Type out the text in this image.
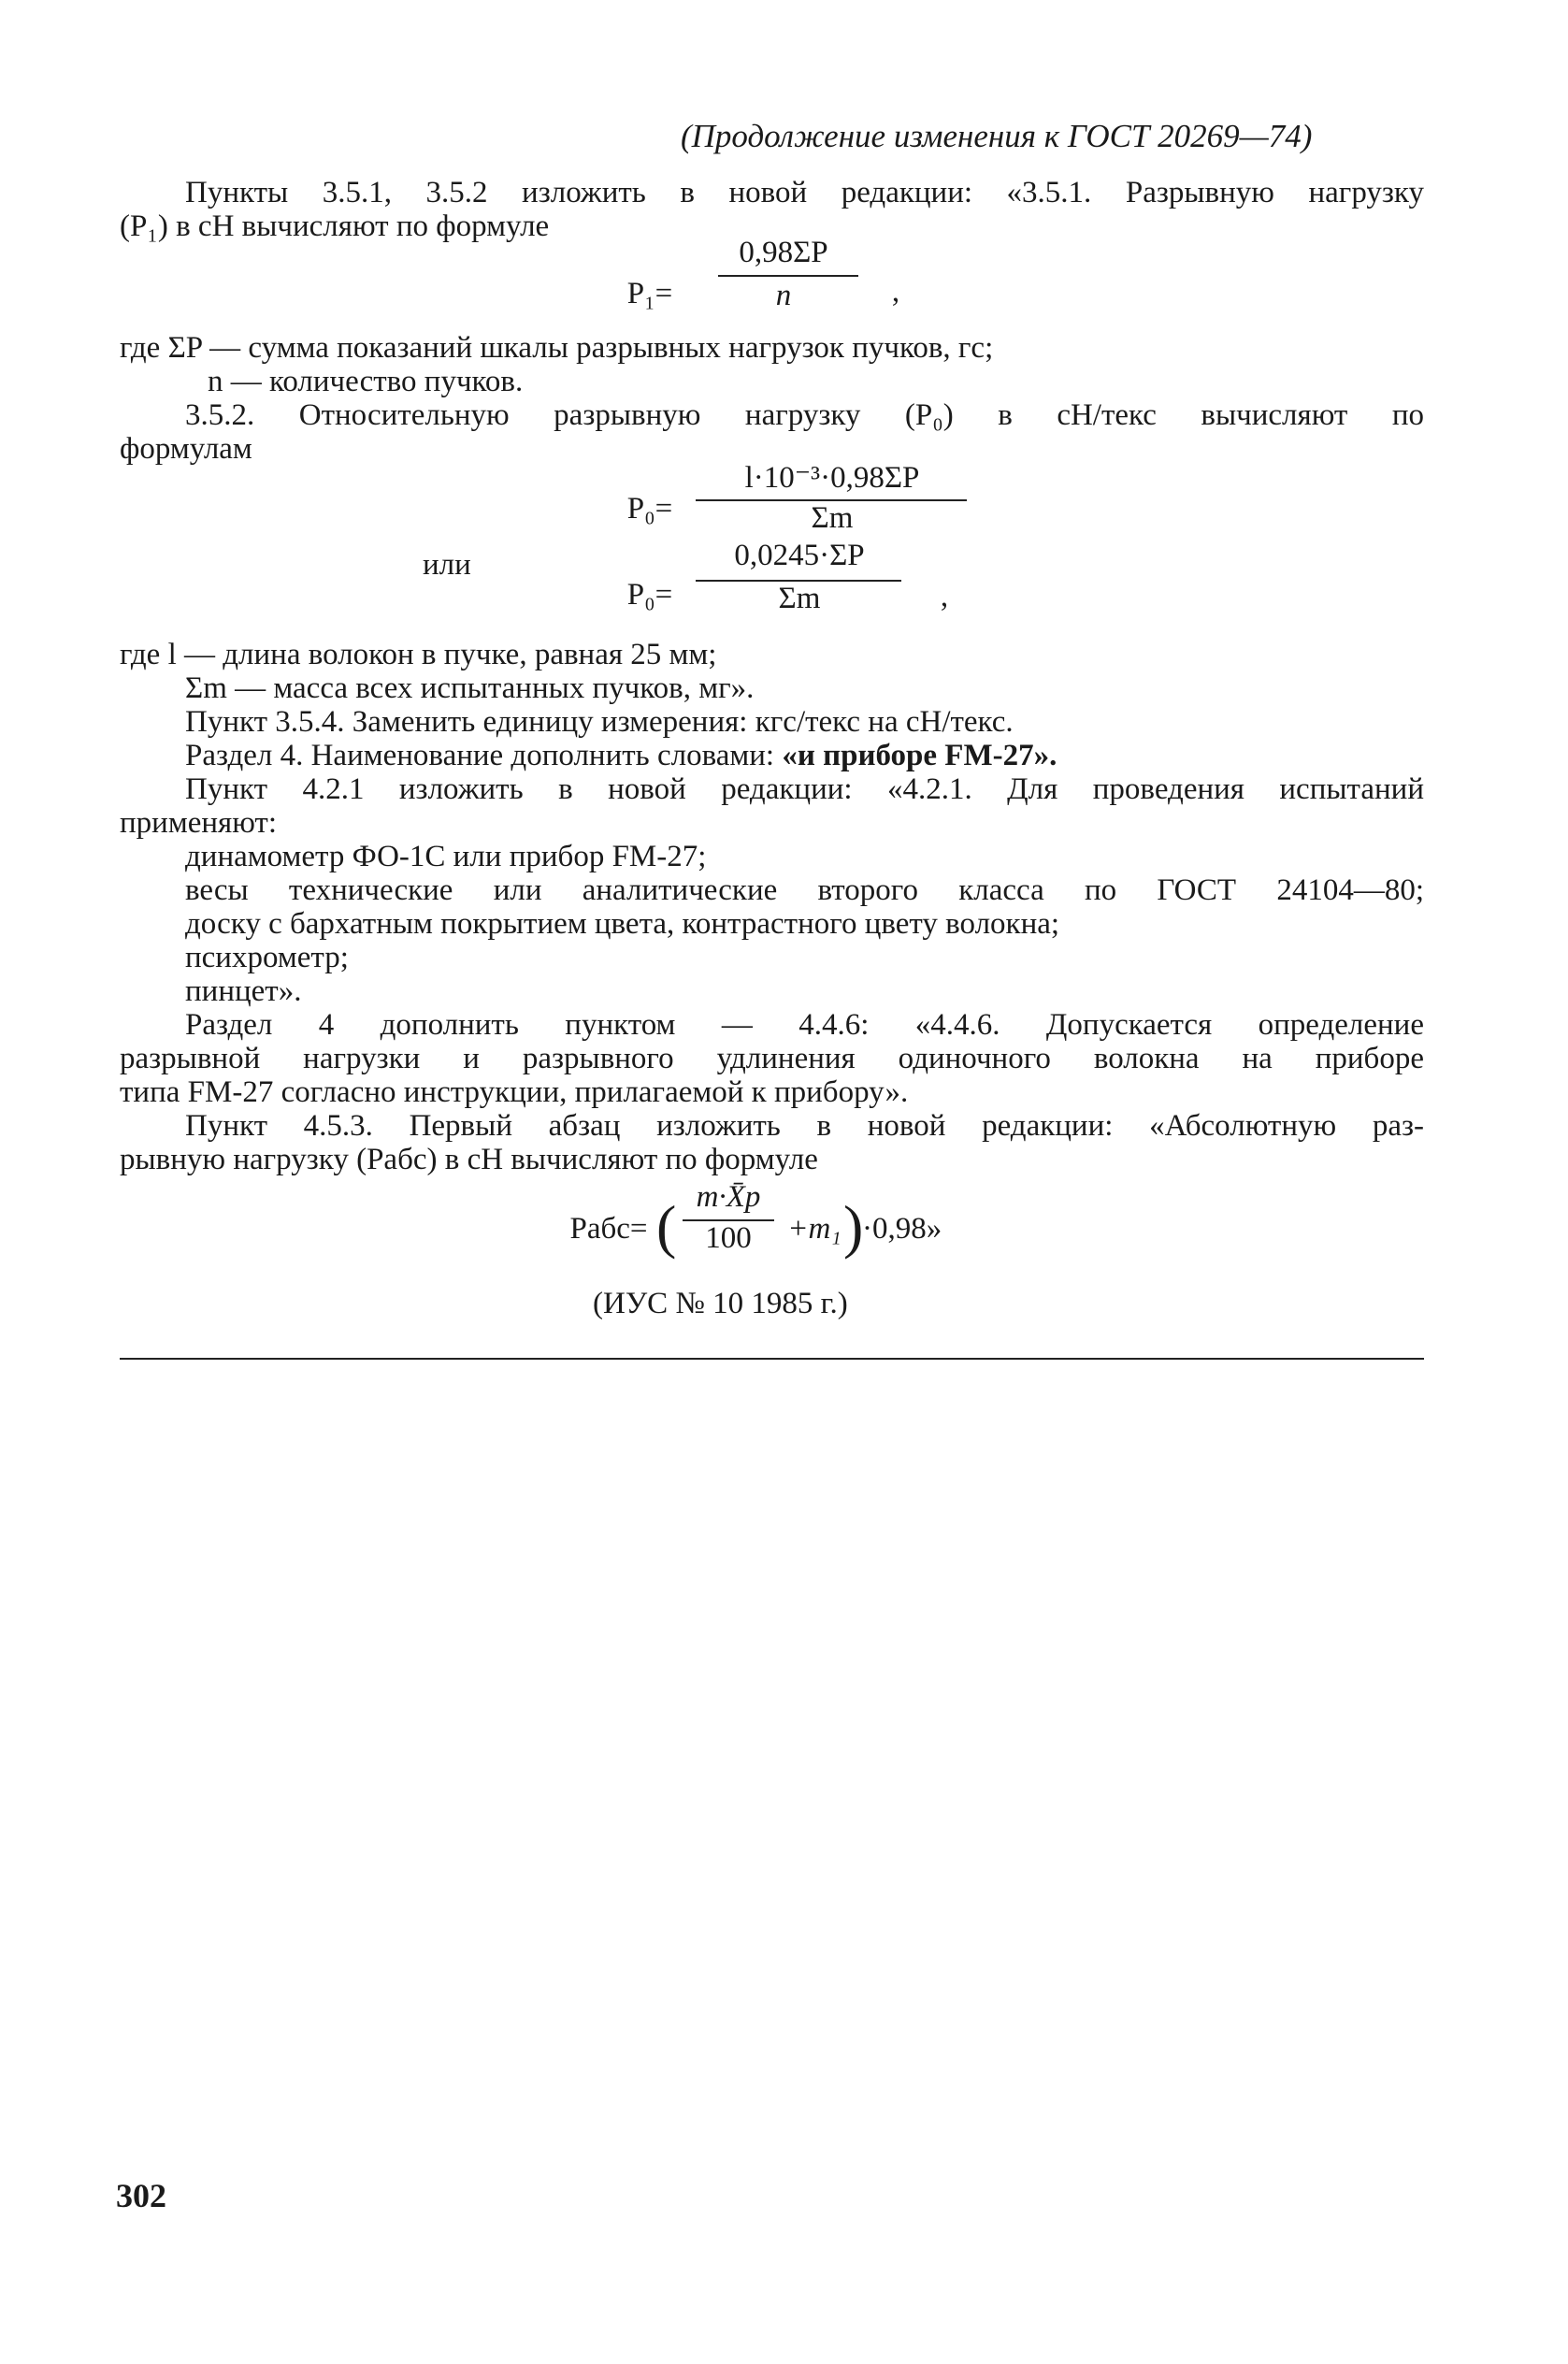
(Продолжение изменения к ГОСТ 20269—74)
Пункты 3.5.1, 3.5.2 изложить в новой редакции: «3.5.1. Разрывную нагрузку
(P₁) в сН вычисляют по формуле
P₁=
0,98ΣP
n	,
где ΣP — сумма показаний шкалы разрывных нагрузок пучков, гс;
n — количество пучков.
3.5.2. Относительную разрывную нагрузку (P₀) в сН/текс вычисляют по
формулам
P₀=
l·10⁻³·0,98ΣP
Σm
или
P₀=
0,0245·ΣP
Σm	,
где l — длина волокон в пучке, равная 25 мм;
Σm — масса всех испытанных пучков, мг».
Пункт 3.5.4. Заменить единицу измерения: кгс/текс на сН/текс.
Раздел 4. Наименование дополнить словами: «и приборе FM-27».
Пункт 4.2.1 изложить в новой редакции: «4.2.1. Для проведения испытаний
применяют:
динамометр ФО-1С или прибор FM-27;
весы технические или аналитические второго класса по ГОСТ 24104—80;
доску с бархатным покрытием цвета, контрастного цвету волокна;
психрометр;
пинцет».
Раздел 4 дополнить пунктом — 4.4.6: «4.4.6. Допускается определение
разрывной нагрузки и разрывного удлинения одиночного волокна на приборе
типа FM-27 согласно инструкции, прилагаемой к прибору».
Пункт 4.5.3. Первый абзац изложить в новой редакции: «Абсолютную раз-
рывную нагрузку (Pабс) в сН вычисляют по формуле
Pабс= ( m·X̄р
100	+m₁ )
·0,98»
(ИУС № 10 1985 г.)
302
